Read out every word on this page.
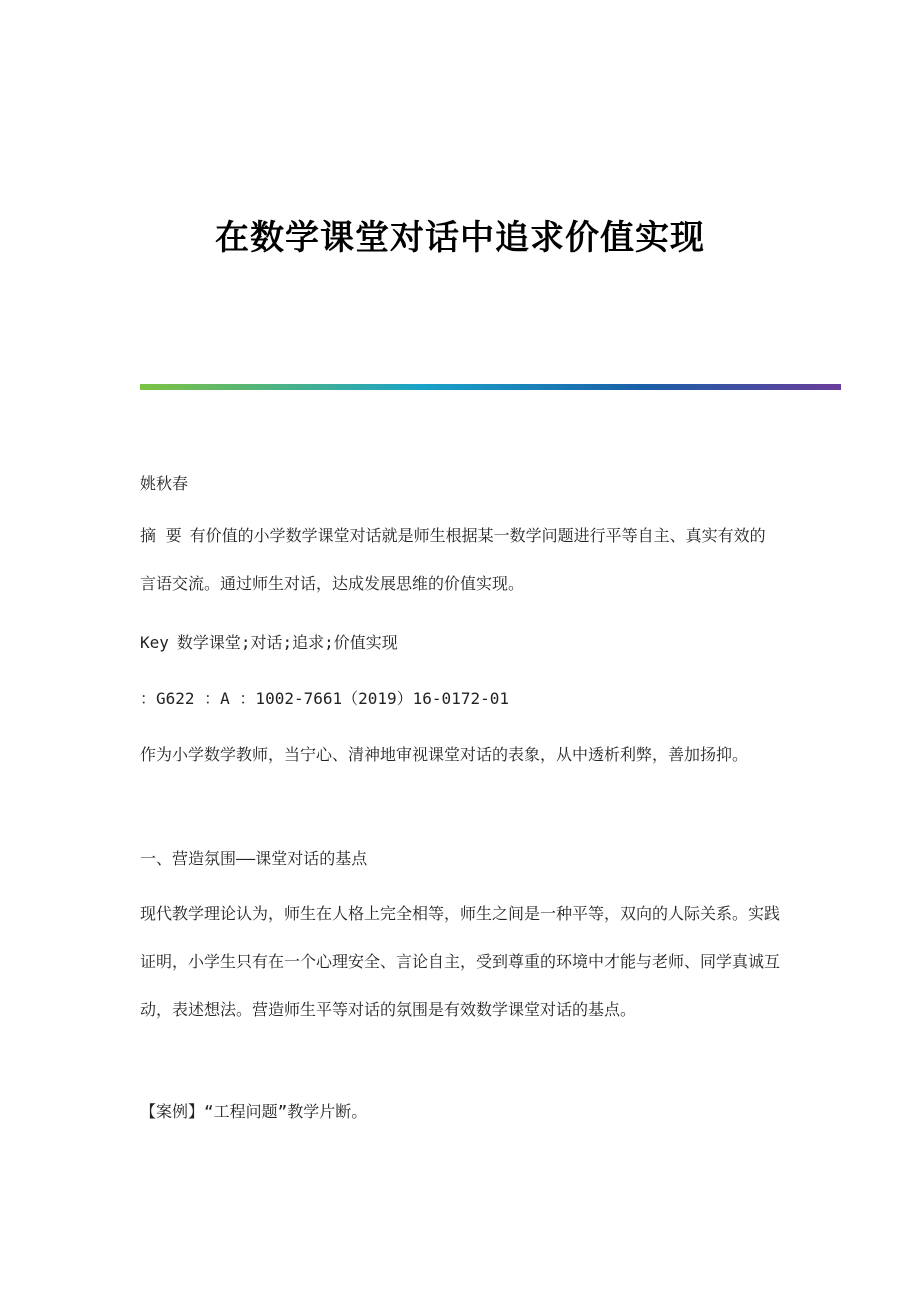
在数学课堂对话中追求价值实现

姚秋春

摘 要 有价值的小学数学课堂对话就是师生根据某一数学问题进行平等自主、真实有效的言语交流。通过师生对话，达成发展思维的价值实现。

Key 数学课堂;对话;追求;价值实现

：G622 ：A ：1002-7661（2019）16-0172-01

作为小学数学教师，当宁心、清神地审视课堂对话的表象，从中透析利弊，善加扬抑。

一、营造氛围——课堂对话的基点

现代教学理论认为，师生在人格上完全相等，师生之间是一种平等，双向的人际关系。实践证明，小学生只有在一个心理安全、言论自主，受到尊重的环境中才能与老师、同学真诚互动，表述想法。营造师生平等对话的氛围是有效数学课堂对话的基点。

【案例】“工程问题”教学片断。
